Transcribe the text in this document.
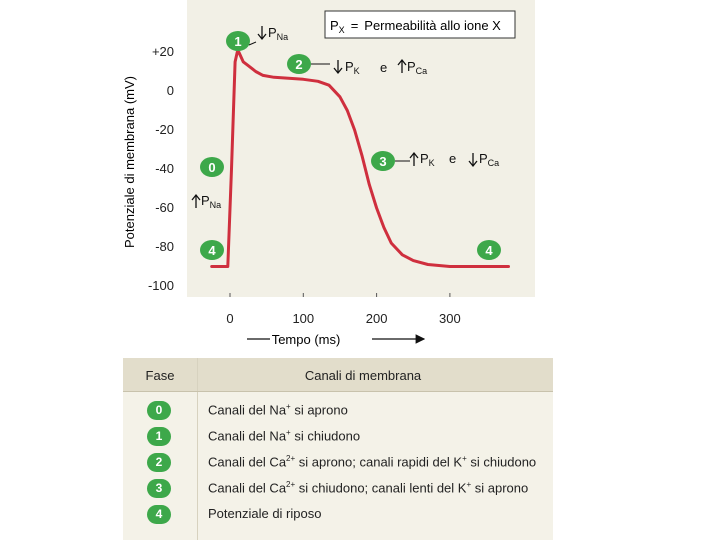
$P_X$ = Permeabilità allo ione X
+20
0
-20
-40
-60
-80
-100
0	100	200	300
1
$P_{Na}$
2	$P_K$ e $P_{Ca}$
3	$P_K$ e $P_{Ca}$
0
4	4
$P_{Na}$
Tempo (ms)
Potenziale di membrana (mV)
Fase	Canali di membrana
0	Canali del Na+ si aprono
1	Canali del Na+ si chiudono
2	Canali del $Ca^{2+}$ si aprono; canali rapidi del K+ si chiudono
3	Canali del $Ca^{2+}$ si chiudono; canali lenti del K+ si aprono
4	Potenziale di riposo
